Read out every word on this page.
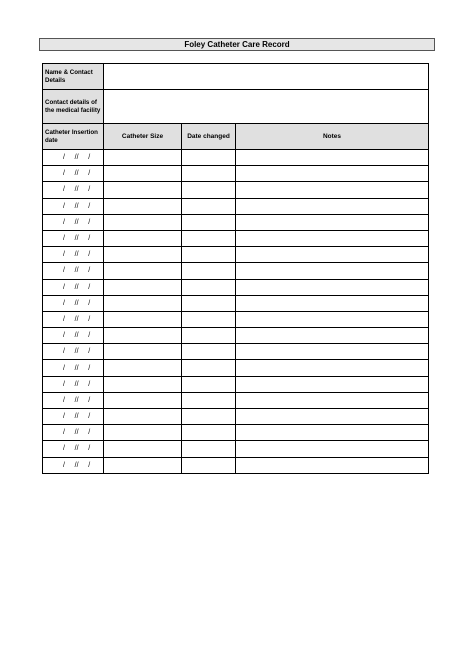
Foley Catheter Care Record
Name & Contact Details			
Contact details of the medical facility			
Catheter Insertion date	Catheter Size	Date changed	Notes
/     //     /			
/     //     /			
/     //     /			
/     //     /			
/     //     /			
/     //     /			
/     //     /			
/     //     /			
/     //     /			
/     //     /			
/     //     /			
/     //     /			
/     //     /			
/     //     /			
/     //     /			
/     //     /			
/     //     /			
/     //     /			
/     //     /			
/     //     /			
